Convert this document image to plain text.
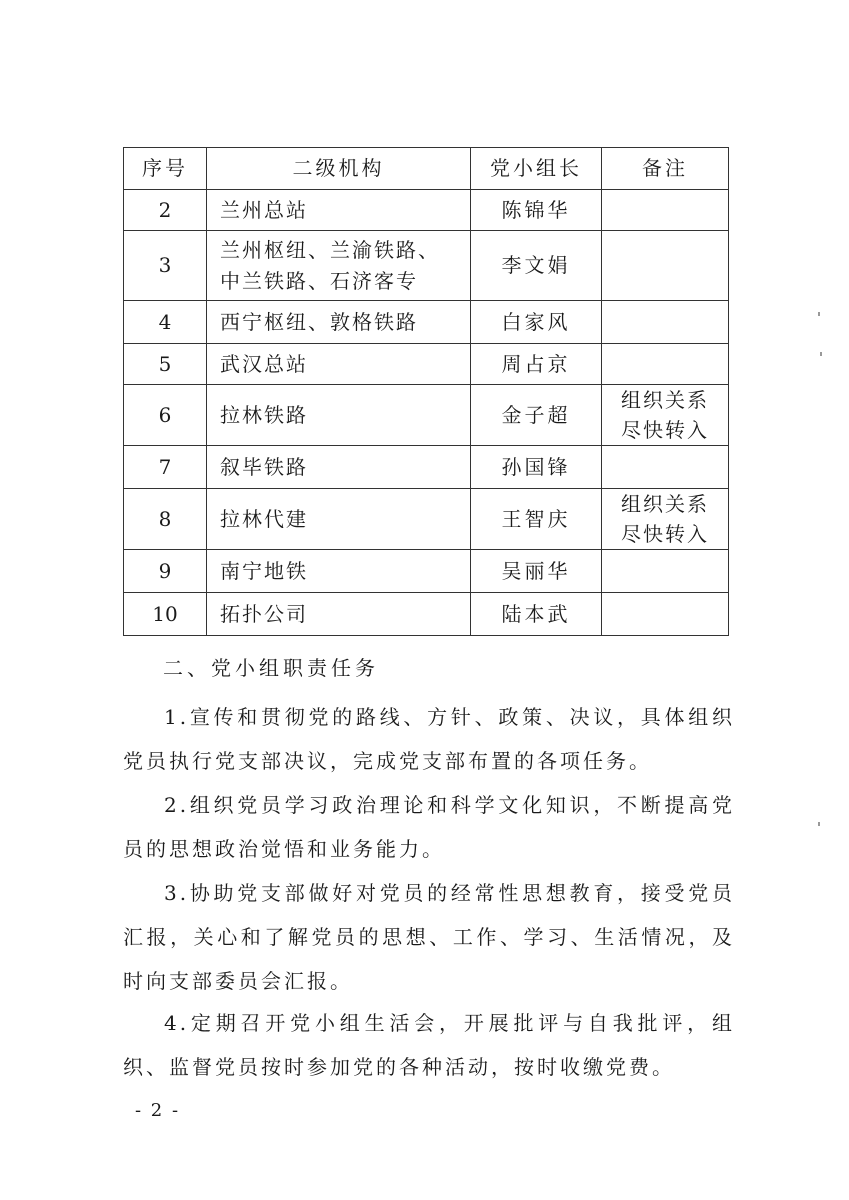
序号	二级机构	党小组长	备注
2	兰州总站	陈锦华	
3	兰州枢纽、兰渝铁路、
中兰铁路、石济客专	李文娟	
4	西宁枢纽、敦格铁路	白家风	
5	武汉总站	周占京	
6	拉林铁路	金子超	组织关系
尽快转入

7	叙毕铁路	孙国锋	
8	拉林代建	王智庆	组织关系
尽快转入

9	南宁地铁	吴丽华	
10	拓扑公司	陆本武	
二、党小组职责任务

1.宣传和贯彻党的路线、方针、政策、决议，具体组织党员执行党支部决议，完成党支部布置的各项任务。

2.组织党员学习政治理论和科学文化知识，不断提高党员的思想政治觉悟和业务能力。

3.协助党支部做好对党员的经常性思想教育，接受党员汇报，关心和了解党员的思想、工作、学习、生活情况，及时向支部委员会汇报。

4.定期召开党小组生活会，开展批评与自我批评，组织、监督党员按时参加党的各种活动，按时收缴党费。

- 2 -
